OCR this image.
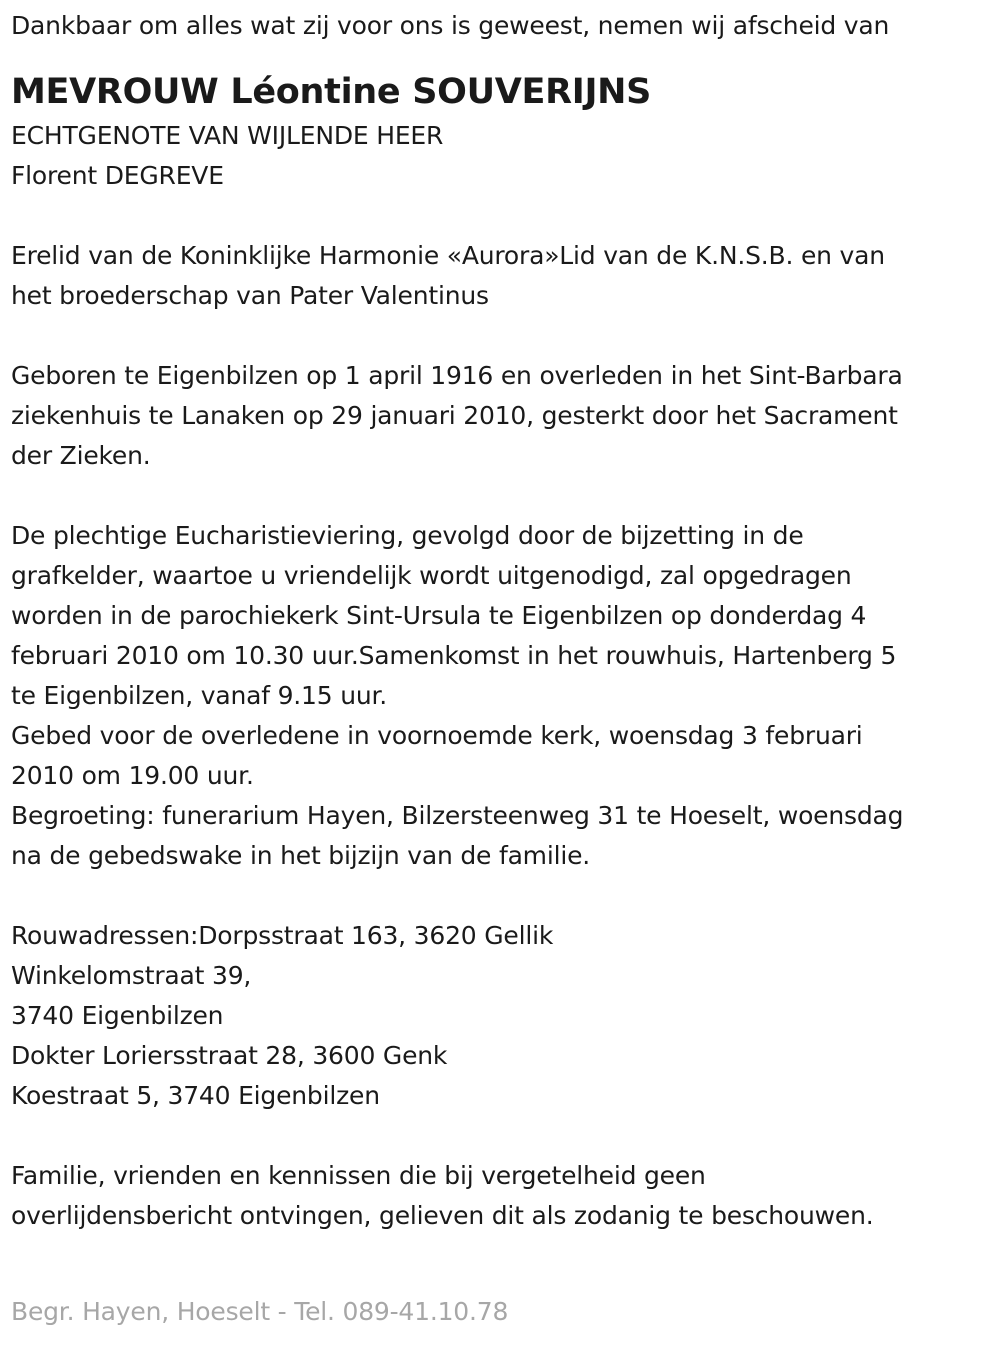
Dankbaar om alles wat zij voor ons is geweest, nemen wij afscheid van
MEVROUW Léontine SOUVERIJNS
ECHTGENOTE VAN WIJLENDE HEER
Florent DEGREVE
Erelid van de Koninklijke Harmonie «Aurora»Lid van de K.N.S.B. en van
het broederschap van Pater Valentinus
Geboren te Eigenbilzen op 1 april 1916 en overleden in het Sint-Barbara
ziekenhuis te Lanaken op 29 januari 2010, gesterkt door het Sacrament
der Zieken.
De plechtige Eucharistieviering, gevolgd door de bijzetting in de
grafkelder, waartoe u vriendelijk wordt uitgenodigd, zal opgedragen
worden in de parochiekerk Sint-Ursula te Eigenbilzen op donderdag 4
februari 2010 om 10.30 uur.Samenkomst in het rouwhuis, Hartenberg 5
te Eigenbilzen, vanaf 9.15 uur.
Gebed voor de overledene in voornoemde kerk, woensdag 3 februari
2010 om 19.00 uur.
Begroeting: funerarium Hayen, Bilzersteenweg 31 te Hoeselt, woensdag
na de gebedswake in het bijzijn van de familie.
Rouwadressen:Dorpsstraat 163, 3620 Gellik
Winkelomstraat 39,
3740 Eigenbilzen
Dokter Loriersstraat 28, 3600 Genk
Koestraat 5, 3740 Eigenbilzen
Familie, vrienden en kennissen die bij vergetelheid geen
overlijdensbericht ontvingen, gelieven dit als zodanig te beschouwen.
Begr. Hayen, Hoeselt - Tel. 089-41.10.78
